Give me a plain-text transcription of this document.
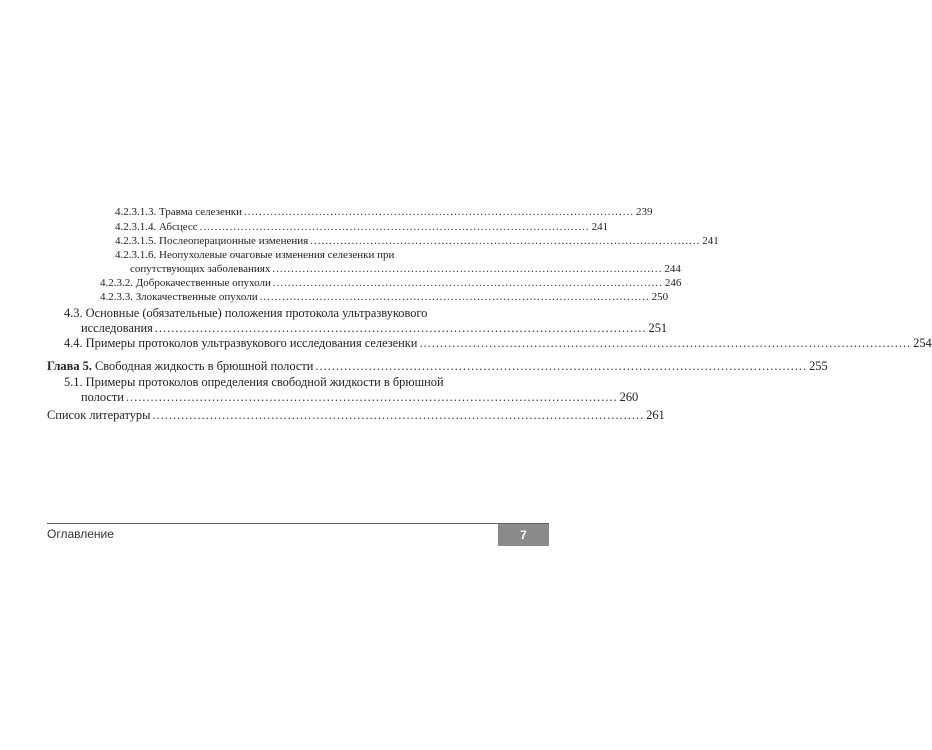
4.2.3.1.3. Травма селезенки ........................................................................................................ 239
4.2.3.1.4. Абсцесс ........................................................................................................ 241
4.2.3.1.5. Послеоперационные изменения ........................................................................................................ 241
4.2.3.1.6. Неопухолевые очаговые изменения селезенки при
сопутствующих заболеваниях ........................................................................................................ 244
4.2.3.2. Доброкачественные опухоли ........................................................................................................ 246
4.2.3.3. Злокачественные опухоли ........................................................................................................ 250
4.3. Основные (обязательные) положения протокола ультразвукового
исследования ........................................................................................................................ 251
4.4. Примеры протоколов ультразвукового исследования селезенки ........................................................................................................................ 254
Глава 5. Свободная жидкость в брюшной полости ........................................................................................................................ 255
5.1. Примеры протоколов определения свободной жидкости в брюшной
полости ........................................................................................................................ 260
Список литературы ........................................................................................................................ 261
Оглавление	7
